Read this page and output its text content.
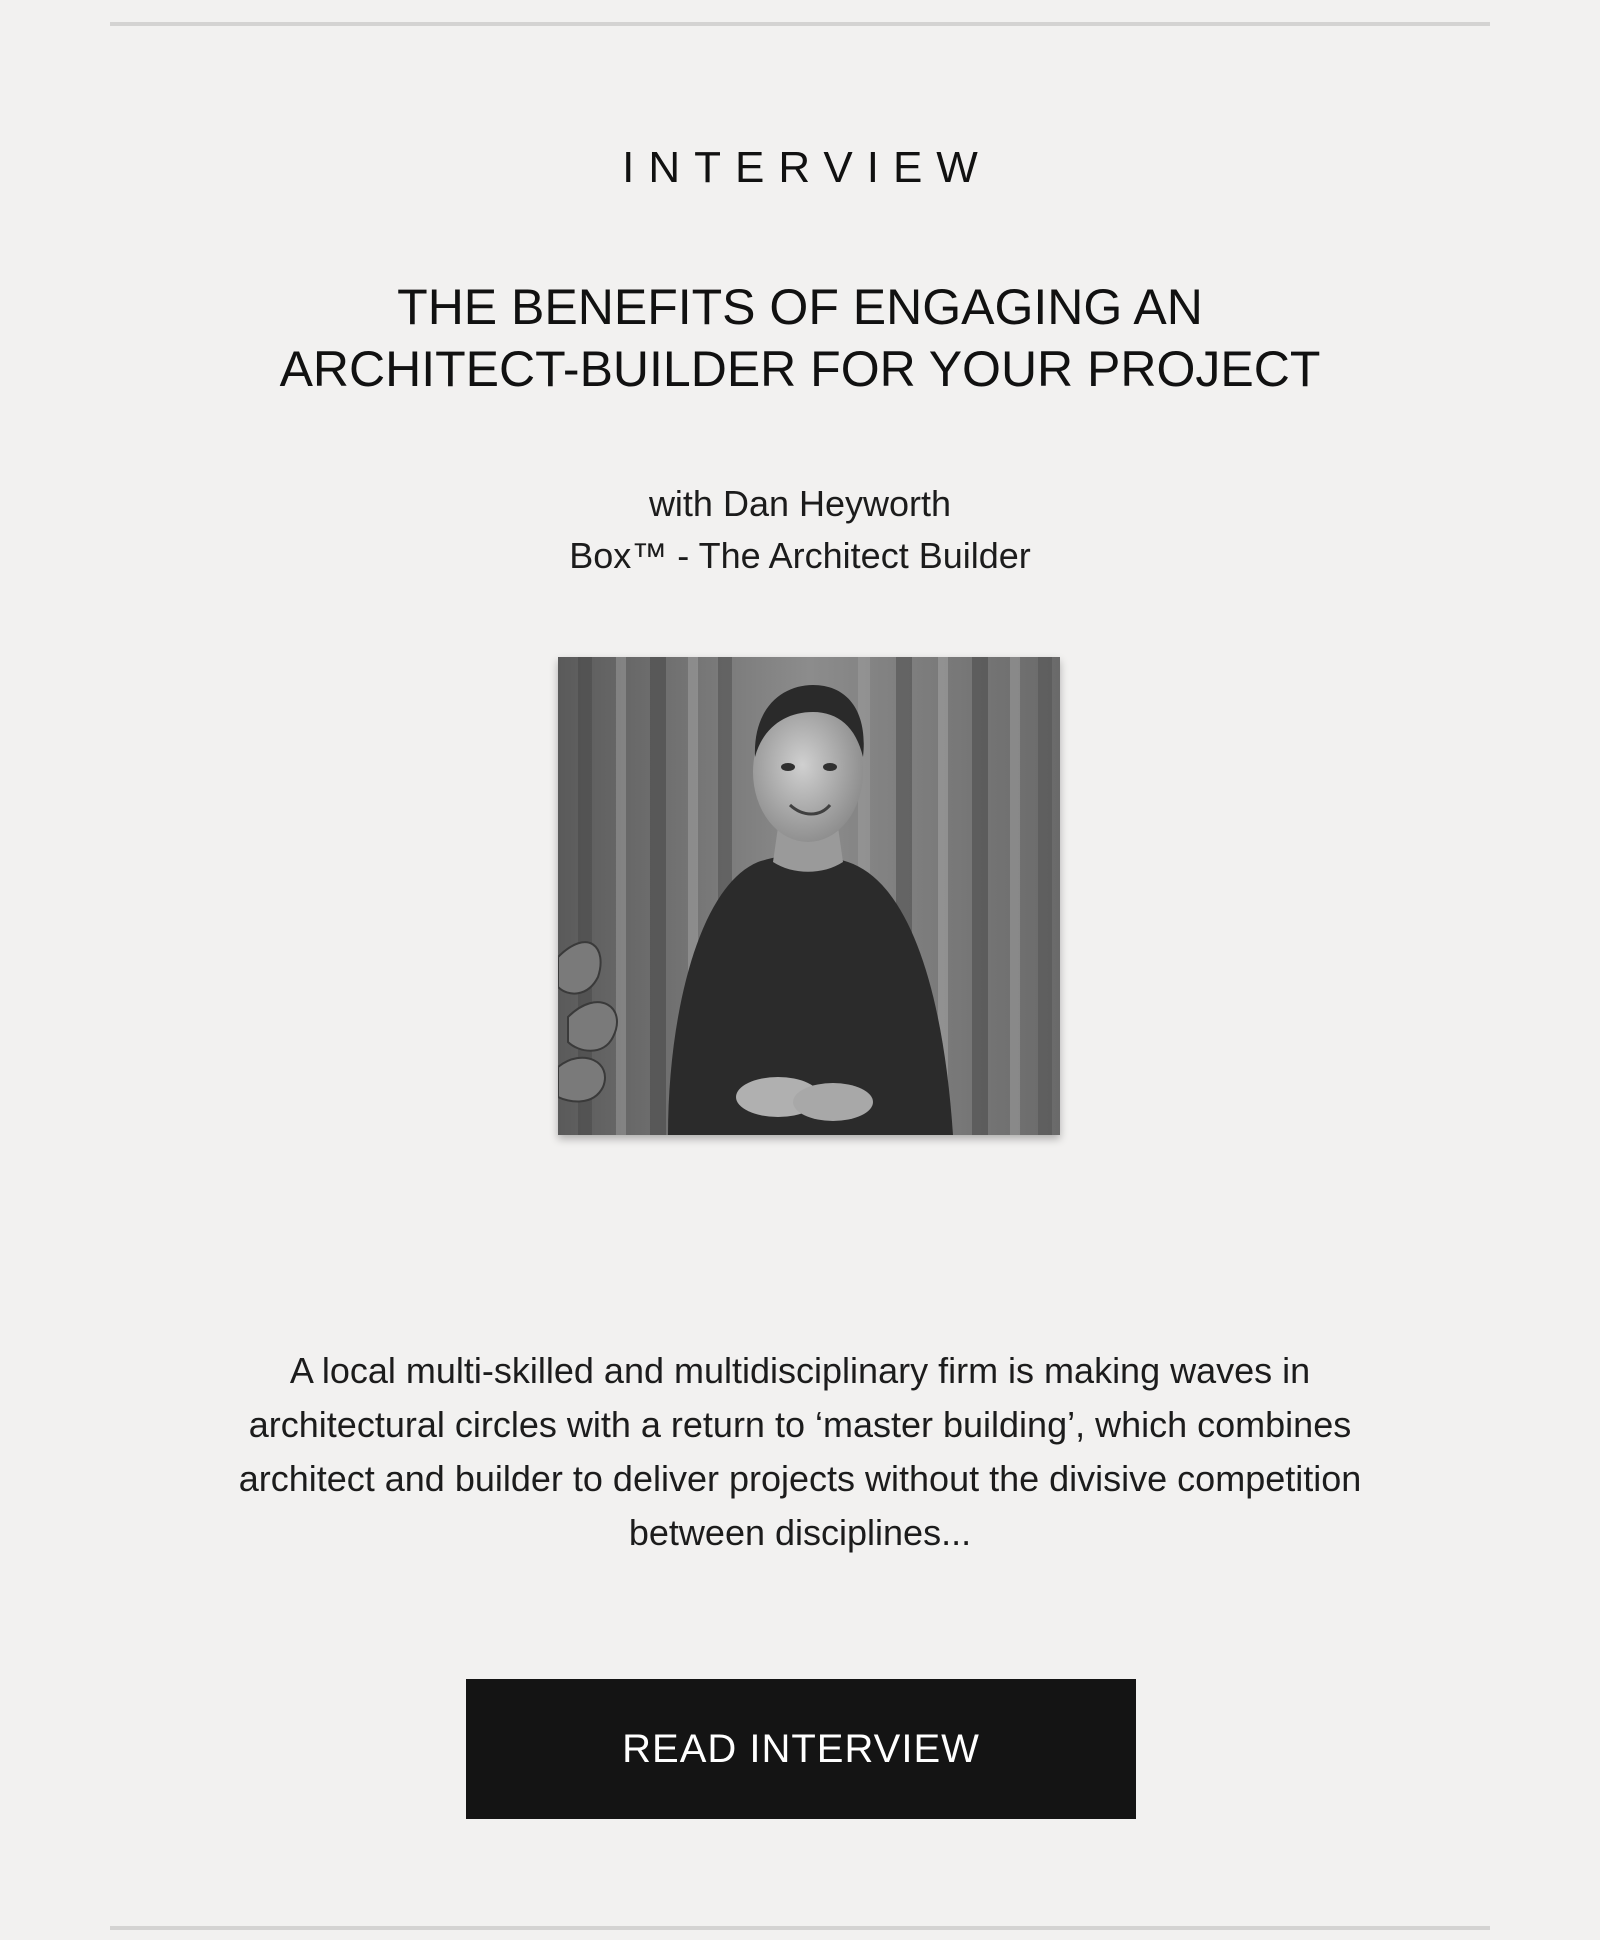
INTERVIEW
THE BENEFITS OF ENGAGING AN
ARCHITECT-BUILDER FOR YOUR PROJECT
with Dan Heyworth
Box™ - The Architect Builder

A local multi-skilled and multidisciplinary firm is making waves in architectural circles with a return to ‘master building’, which combines architect and builder to deliver projects without the divisive competition between disciplines...

READ INTERVIEW
